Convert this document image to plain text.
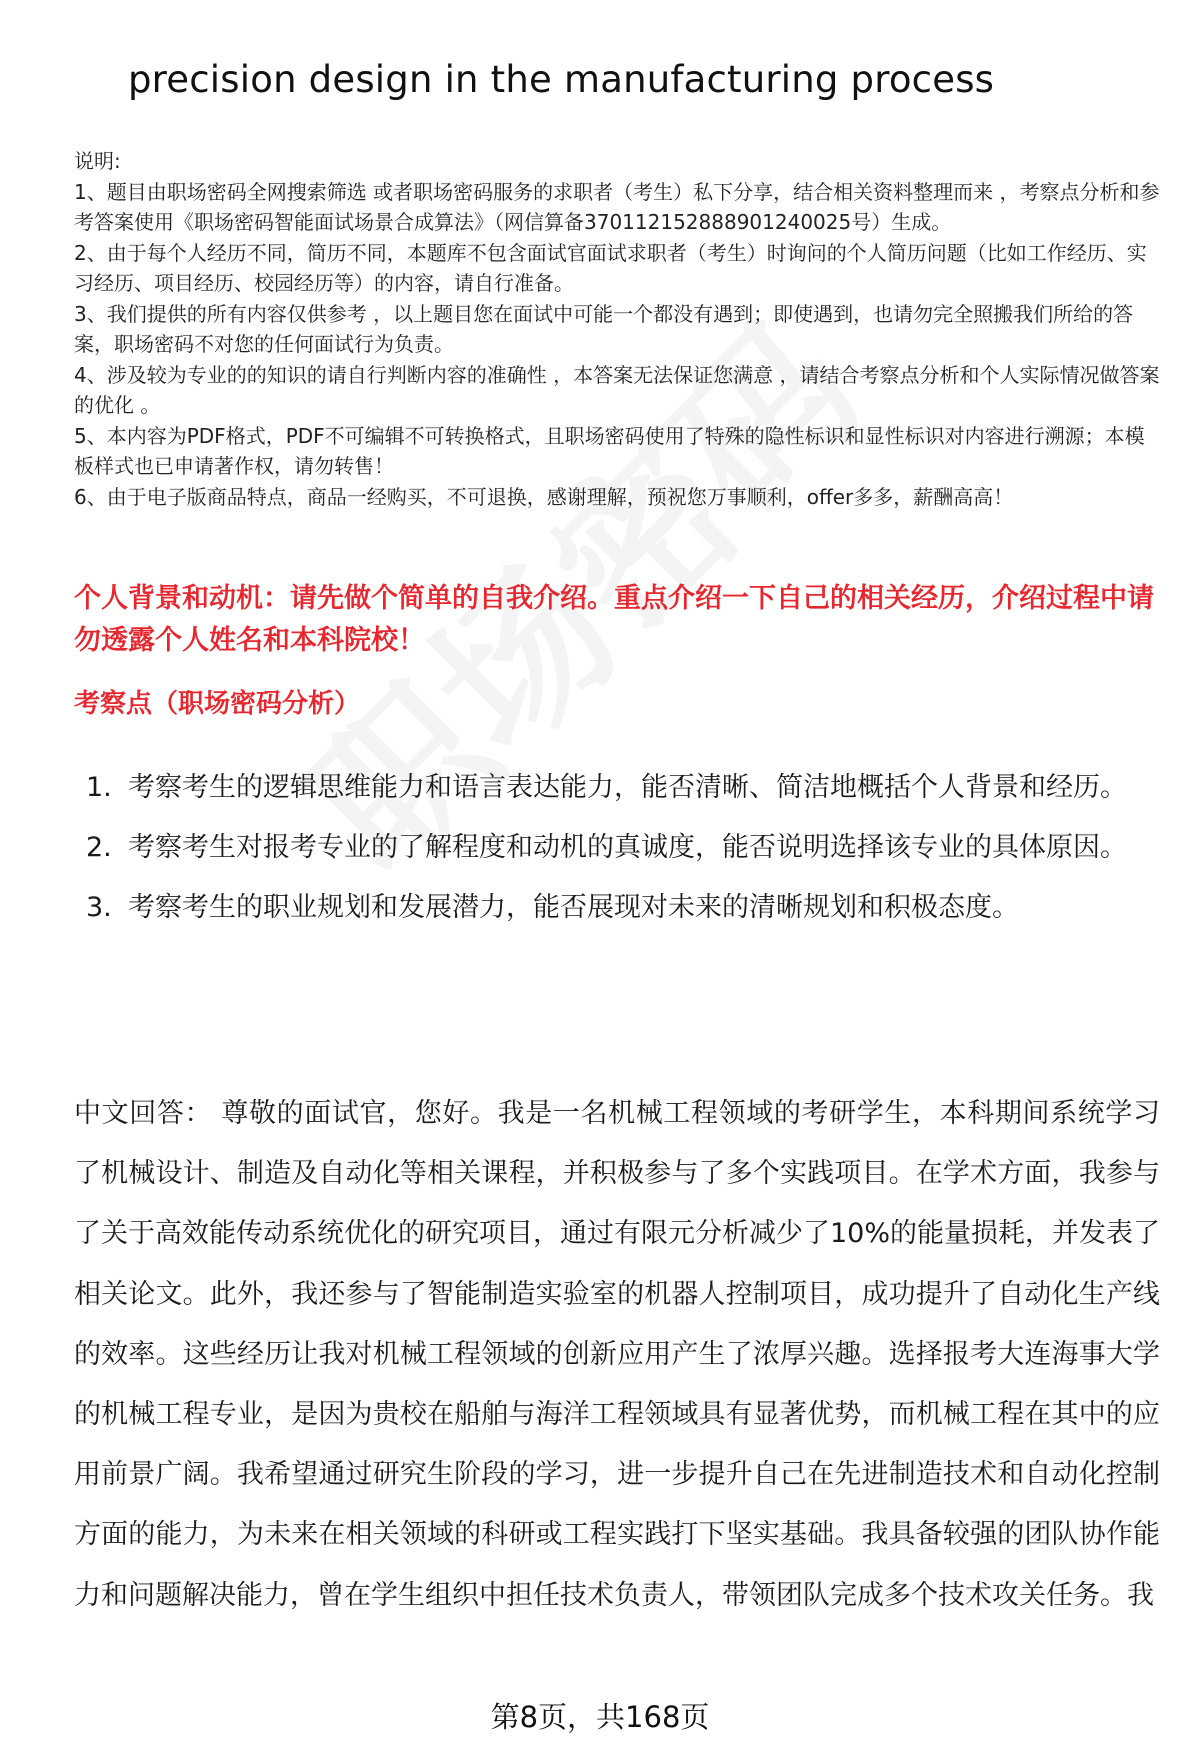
precision design in the manufacturing process

说明:

1、题目由职场密码全网搜索筛选 或者职场密码服务的求职者（考生）私下分享，结合相关资料整理而来 ，考察点分析和参考答案使用《职场密码智能面试场景合成算法》（网信算备370112152888901240025号）生成。

2、由于每个人经历不同，简历不同，本题库不包含面试官面试求职者（考生）时询问的个人简历问题（比如工作经历、实习经历、项目经历、校园经历等）的内容，请自行准备。

3、我们提供的所有内容仅供参考 ，以上题目您在面试中可能一个都没有遇到；即使遇到，也请勿完全照搬我们所给的答案，职场密码不对您的任何面试行为负责。

4、涉及较为专业的的知识的请自行判断内容的准确性 ，本答案无法保证您满意 ，请结合考察点分析和个人实际情况做答案的优化 。

5、本内容为PDF格式，PDF不可编辑不可转换格式，且职场密码使用了特殊的隐性标识和显性标识对内容进行溯源；本模板样式也已申请著作权，请勿转售！

6、由于电子版商品特点，商品一经购买，不可退换，感谢理解，预祝您万事顺利，offer多多，薪酬高高！

个人背景和动机：请先做个简单的自我介绍。重点介绍一下自己的相关经历，介绍过程中请勿透露个人姓名和本科院校！
考察点（职场密码分析）
1. 考察考生的逻辑思维能力和语言表达能力，能否清晰、简洁地概括个人背景和经历。
2. 考察考生对报考专业的了解程度和动机的真诚度，能否说明选择该专业的具体原因。
3. 考察考生的职业规划和发展潜力，能否展现对未来的清晰规划和积极态度。

中文回答： 尊敬的面试官，您好。我是一名机械工程领域的考研学生，本科期间系统学习了机械设计、制造及自动化等相关课程，并积极参与了多个实践项目。在学术方面，我参与了关于高效能传动系统优化的研究项目，通过有限元分析减少了10%的能量损耗，并发表了相关论文。此外，我还参与了智能制造实验室的机器人控制项目，成功提升了自动化生产线的效率。这些经历让我对机械工程领域的创新应用产生了浓厚兴趣。选择报考大连海事大学的机械工程专业，是因为贵校在船舶与海洋工程领域具有显著优势，而机械工程在其中的应用前景广阔。我希望通过研究生阶段的学习，进一步提升自己在先进制造技术和自动化控制方面的能力，为未来在相关领域的科研或工程实践打下坚实基础。我具备较强的团队协作能力和问题解决能力，曾在学生组织中担任技术负责人，带领团队完成多个技术攻关任务。我

第8页，共168页
